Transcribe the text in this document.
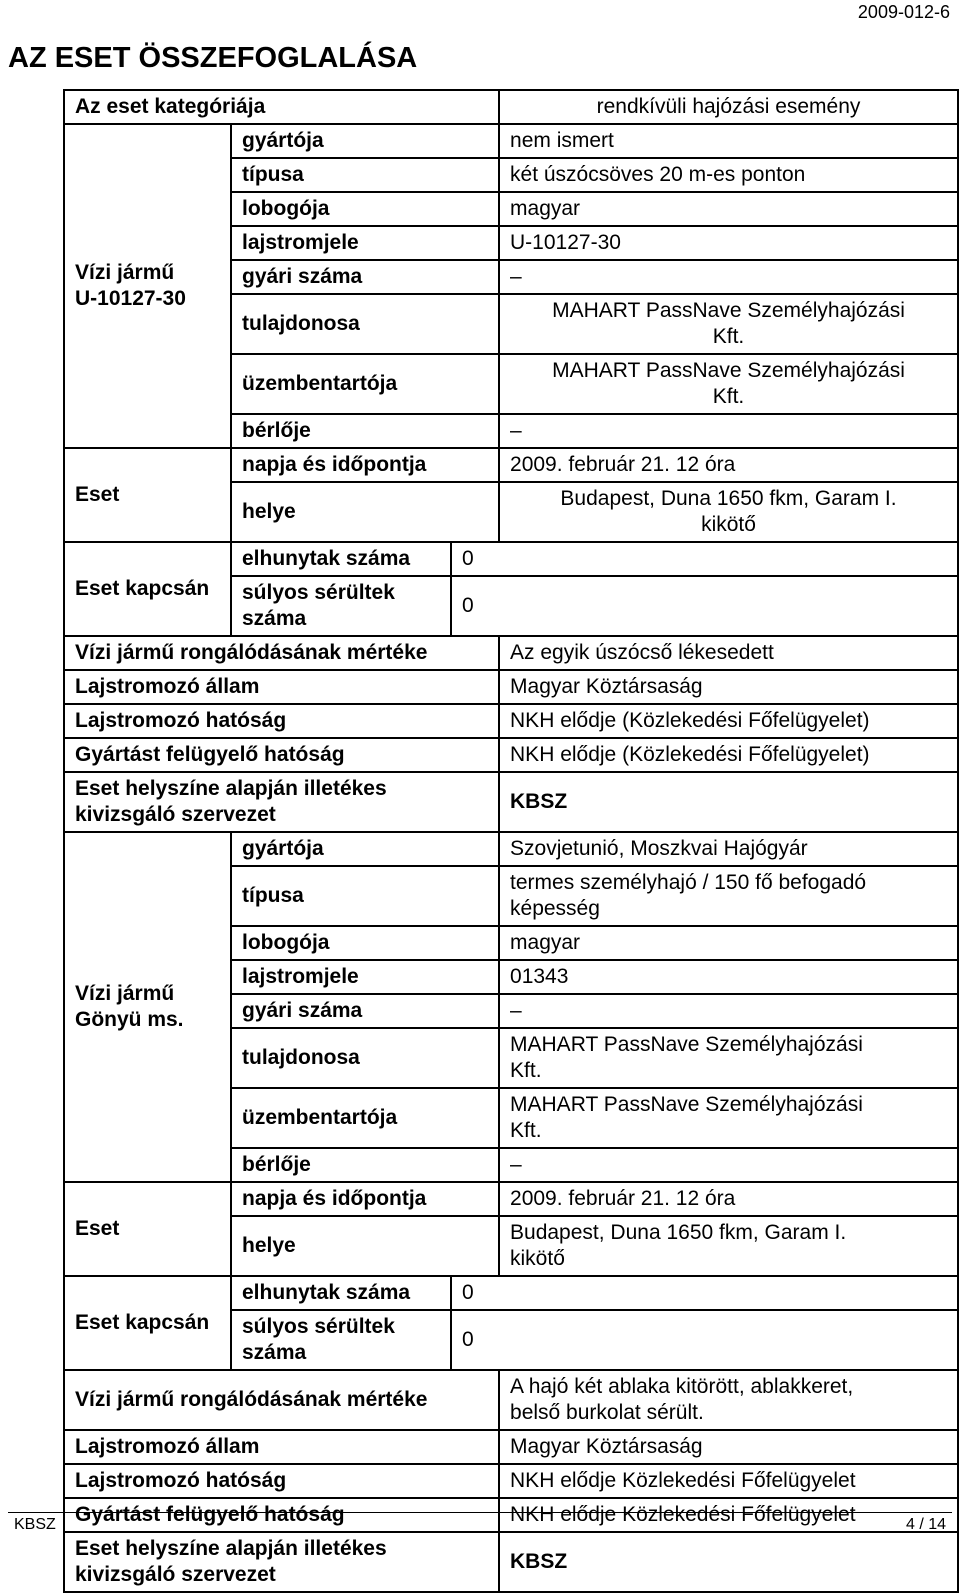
2009-012-6
AZ ESET ÖSSZEFOGLALÁSA
Az eset kategóriája			rendkívüli hajózási esemény
Vízi jármű
U-10127-30	gyártója		nem ismert
	típusa		két úszócsöves 20 m-es ponton
	lobogója		magyar
	lajstromjele		U-10127-30
	gyári száma		–
	tulajdonosa		MAHART PassNave Személyhajózási
Kft.
	üzembentartója		MAHART PassNave Személyhajózási
Kft.
	bérlője		–
Eset	napja és időpontja		2009. február 21. 12 óra
	helye		Budapest, Duna 1650 fkm, Garam I.
kikötő
Eset kapcsán	elhunytak száma	0	
	súlyos sérültek száma	0	
Vízi jármű rongálódásának mértéke			Az egyik úszócső lékesedett
Lajstromozó állam			Magyar Köztársaság
Lajstromozó hatóság			NKH elődje (Közlekedési Főfelügyelet)
Gyártást felügyelő hatóság			NKH elődje (Közlekedési Főfelügyelet)
Eset helyszíne alapján illetékes
kivizsgáló szervezet			KBSZ
Vízi jármű
Gönyü ms.	gyártója		Szovjetunió, Moszkvai Hajógyár
	típusa		termes személyhajó / 150 fő befogadó
képesség
	lobogója		magyar
	lajstromjele		01343
	gyári száma		–
	tulajdonosa		MAHART PassNave Személyhajózási
Kft.
	üzembentartója		MAHART PassNave Személyhajózási
Kft.
	bérlője		–
Eset	napja és időpontja		2009. február 21. 12 óra
	helye		Budapest, Duna 1650 fkm, Garam I.
kikötő
Eset kapcsán	elhunytak száma	0	
	súlyos sérültek száma	0	
Vízi jármű rongálódásának mértéke			A hajó két ablaka kitörött, ablakkeret,
belső burkolat sérült.
Lajstromozó állam			Magyar Köztársaság
Lajstromozó hatóság			NKH elődje Közlekedési Főfelügyelet
Gyártást felügyelő hatóság			NKH elődje Közlekedési Főfelügyelet
Eset helyszíne alapján illetékes
kivizsgáló szervezet			KBSZ
KBSZ	4 / 14
